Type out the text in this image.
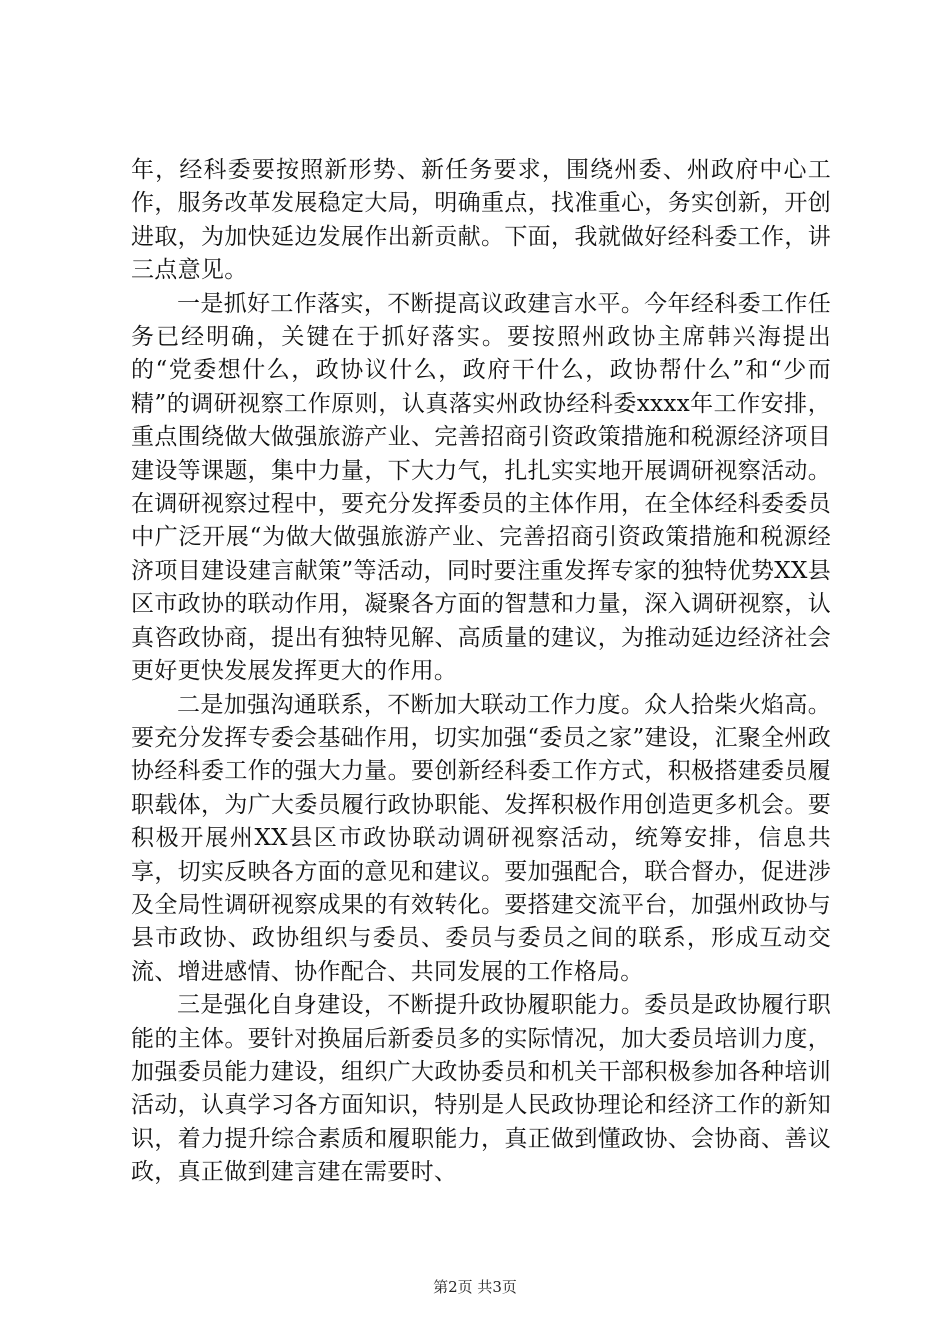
年，经科委要按照新形势、新任务要求，围绕州委、州政府中心工作，服务改革发展稳定大局，明确重点，找准重心，务实创新，开创进取，为加快延边发展作出新贡献。下面，我就做好经科委工作，讲三点意见。

一是抓好工作落实，不断提高议政建言水平。今年经科委工作任务已经明确，关键在于抓好落实。要按照州政协主席韩兴海提出的“党委想什么，政协议什么，政府干什么，政协帮什么”和“少而精”的调研视察工作原则，认真落实州政协经科委xxxx年工作安排，重点围绕做大做强旅游产业、完善招商引资政策措施和税源经济项目建设等课题，集中力量，下大力气，扎扎实实地开展调研视察活动。在调研视察过程中，要充分发挥委员的主体作用，在全体经科委委员中广泛开展“为做大做强旅游产业、完善招商引资政策措施和税源经济项目建设建言献策”等活动，同时要注重发挥专家的独特优势XX县区市政协的联动作用，凝聚各方面的智慧和力量，深入调研视察，认真咨政协商，提出有独特见解、高质量的建议，为推动延边经济社会更好更快发展发挥更大的作用。

二是加强沟通联系，不断加大联动工作力度。众人拾柴火焰高。要充分发挥专委会基础作用，切实加强“委员之家”建设，汇聚全州政协经科委工作的强大力量。要创新经科委工作方式，积极搭建委员履职载体，为广大委员履行政协职能、发挥积极作用创造更多机会。要积极开展州XX县区市政协联动调研视察活动，统筹安排，信息共享，切实反映各方面的意见和建议。要加强配合，联合督办，促进涉及全局性调研视察成果的有效转化。要搭建交流平台，加强州政协与县市政协、政协组织与委员、委员与委员之间的联系，形成互动交流、增进感情、协作配合、共同发展的工作格局。

三是强化自身建设，不断提升政协履职能力。委员是政协履行职能的主体。要针对换届后新委员多的实际情况，加大委员培训力度，加强委员能力建设，组织广大政协委员和机关干部积极参加各种培训活动，认真学习各方面知识，特别是人民政协理论和经济工作的新知识，着力提升综合素质和履职能力，真正做到懂政协、会协商、善议政，真正做到建言建在需要时、

第2页 共3页
